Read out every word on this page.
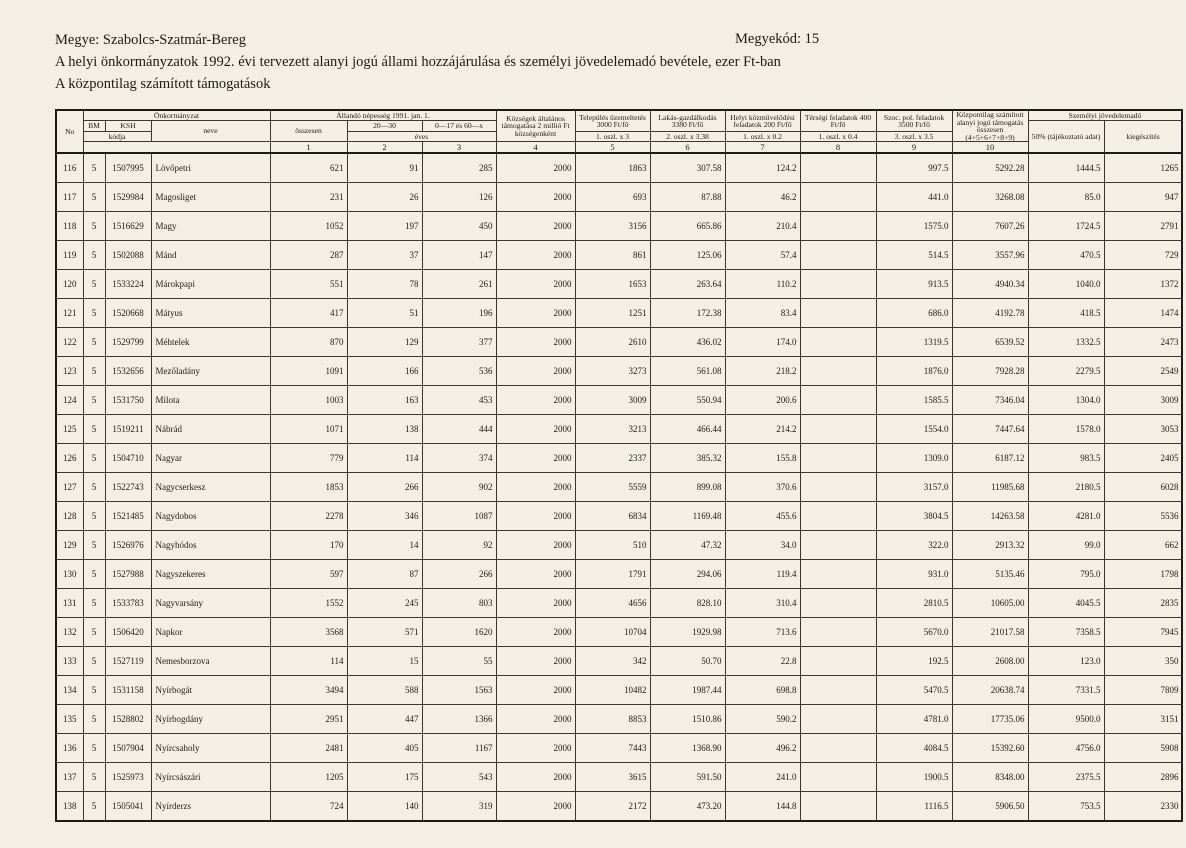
Megye: Szabolcs-Szatmár-Bereg	Megyekód: 15
A helyi önkormányzatok 1992. évi tervezett alanyi jogú állami hozzájárulása és személyi jövedelemadó bevétele, ezer Ft-ban
A központilag számított támogatások
No	Önkormányzat			Állandó népesség 1991. jan. 1.			Községek általános támogatása 2 millió Ft községenként	Település üzemeltetés 3000 Ft/fő	Lakás-gazdálkodás 3380 Ft/fő	Helyi közművelődési feladatok 200 Ft/fő	Térségi feladatok 400 Ft/fő	Szoc. pol. feladatok 3500 Ft/fő	Központilag számított alanyi jogú támogatás összesen (4+5+6+7+8+9)	Személyi jövedelemadó		
	BM	KSH	neve	összesen	20—30	0—17 és 60—x								50% (tájékoztató adat)	kiegészítés	
	kódja				éves			1. oszl. x 3	2. oszl. x 3.38	1. oszl. x 0.2	1. oszl. x 0.4	3. oszl. x 3.5				
				1	2	3	4	5	6	7	8	9	10		
116	5	1507995	Lövőpetri	621	91	285	2000	1863	307.58	124.2		997.5	5292.28	1444.5	1265	
117	5	1529984	Magosliget	231	26	126	2000	693	87.88	46.2		441.0	3268.08	85.0	947	
118	5	1516629	Magy	1052	197	450	2000	3156	665.86	210.4		1575.0	7607.26	1724.5	2791	
119	5	1502088	Mánd	287	37	147	2000	861	125.06	57.4		514.5	3557.96	470.5	729	
120	5	1533224	Márokpapi	551	78	261	2000	1653	263.64	110.2		913.5	4940.34	1040.0	1372	
121	5	1520668	Mátyus	417	51	196	2000	1251	172.38	83.4		686.0	4192.78	418.5	1474	
122	5	1529799	Méhtelek	870	129	377	2000	2610	436.02	174.0		1319.5	6539.52	1332.5	2473	
123	5	1532656	Mezőladány	1091	166	536	2000	3273	561.08	218.2		1876.0	7928.28	2279.5	2549	
124	5	1531750	Milota	1003	163	453	2000	3009	550.94	200.6		1585.5	7346.04	1304.0	3009	
125	5	1519211	Nábrád	1071	138	444	2000	3213	466.44	214.2		1554.0	7447.64	1578.0	3053	
126	5	1504710	Nagyar	779	114	374	2000	2337	385.32	155.8		1309.0	6187.12	983.5	2405	
127	5	1522743	Nagycserkesz	1853	266	902	2000	5559	899.08	370.6		3157.0	11985.68	2180.5	6028	
128	5	1521485	Nagydobos	2278	346	1087	2000	6834	1169.48	455.6		3804.5	14263.58	4281.0	5536	
129	5	1526976	Nagyhódos	170	14	92	2000	510	47.32	34.0		322.0	2913.32	99.0	662	
130	5	1527988	Nagyszekeres	597	87	266	2000	1791	294.06	119.4		931.0	5135.46	795.0	1798	
131	5	1533783	Nagyvarsány	1552	245	803	2000	4656	828.10	310.4		2810.5	10605.00	4045.5	2835	
132	5	1506420	Napkor	3568	571	1620	2000	10704	1929.98	713.6		5670.0	21017.58	7358.5	7945	
133	5	1527119	Nemesborzova	114	15	55	2000	342	50.70	22.8		192.5	2608.00	123.0	350	
134	5	1531158	Nyírbogát	3494	588	1563	2000	10482	1987.44	698.8		5470.5	20638.74	7331.5	7809	
135	5	1528802	Nyírbogdány	2951	447	1366	2000	8853	1510.86	590.2		4781.0	17735.06	9500.0	3151	
136	5	1507904	Nyírcsaholy	2481	405	1167	2000	7443	1368.90	496.2		4084.5	15392.60	4756.0	5908	
137	5	1525973	Nyírcsászári	1205	175	543	2000	3615	591.50	241.0		1900.5	8348.00	2375.5	2896	
138	5	1505041	Nyírderzs	724	140	319	2000	2172	473.20	144.8		1116.5	5906.50	753.5	2330	
